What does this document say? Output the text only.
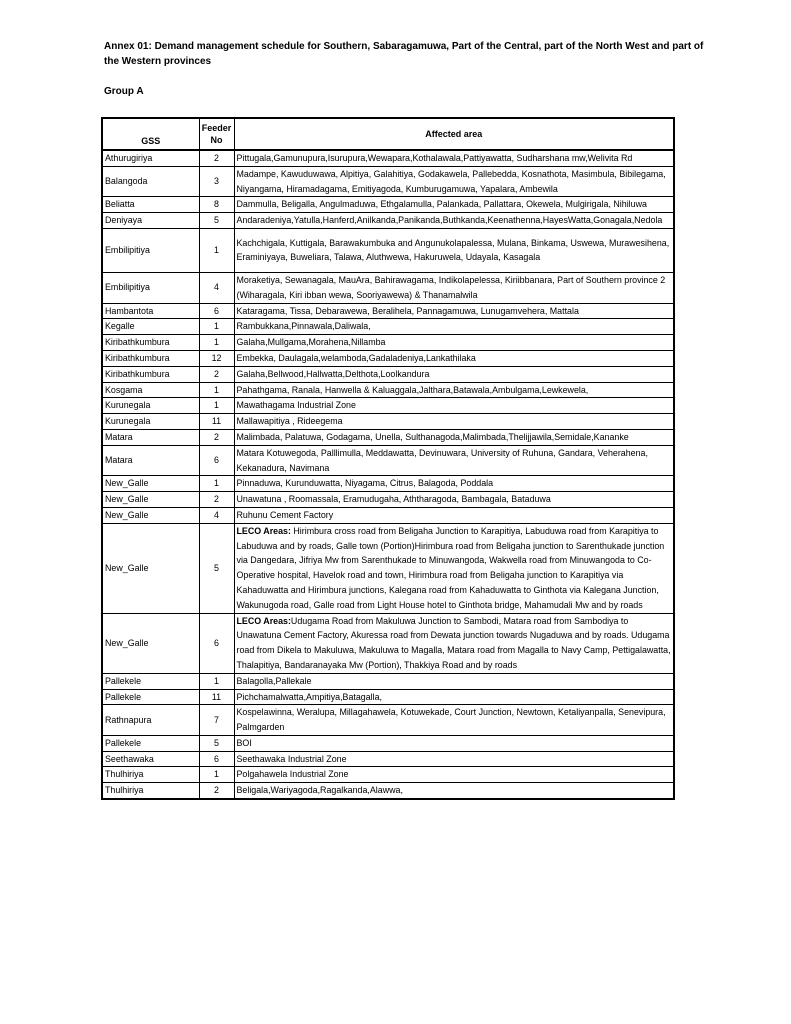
Annex 01: Demand management schedule for Southern, Sabaragamuwa, Part of the Central, part of the North West and part of the Western provinces
Group A
GSS	Feeder No	Affected area
Athurugiriya	2	Pittugala,Gamunupura,Isurupura,Wewapara,Kothalawala,Pattiyawatta, Sudharshana mw,Welivita Rd
Balangoda	3	Madampe, Kawuduwawa, Alpitiya, Galahitiya, Godakawela, Pallebedda, Kosnathota, Masimbula, Bibilegama, Niyangama, Hiramadagama, Emitiyagoda, Kumburugamuwa, Yapalara, Ambewila
Beliatta	8	Dammulla, Beligalla, Angulmaduwa, Ethgalamulla, Palankada, Pallattara, Okewela, Mulgirigala, Nihiluwa
Deniyaya	5	Andaradeniya,Yatulla,Hanferd,Anilkanda,Panikanda,Buthkanda,Keenathenna,HayesWatta,Gonagala,Nedola
Embilipitiya	1	Kachchigala, Kuttigala, Barawakumbuka and Angunukolapalessa, Mulana, Binkama, Uswewa, Murawesihena, Eraminiyaya, Buweliara, Talawa, Aluthwewa, Hakuruwela, Udayala, Kasagala
Embilipitiya	4	Moraketiya, Sewanagala, MauAra, Bahirawagama, Indikolapelessa, Kiriibbanara, Part of Southern province 2 (Wiharagala, Kiri ibban wewa, Sooriyawewa) & Thanamalwila
Hambantota	6	Kataragama, Tissa, Debarawewa, Beralihela, Pannagamuwa, Lunugamvehera, Mattala
Kegalle	1	Rambukkana,Pinnawala,Daliwala,
Kiribathkumbura	1	Galaha,Mullgama,Morahena,Nillamba
Kiribathkumbura	12	Embekka, Daulagala,welamboda,Gadaladeniya,Lankathilaka
Kiribathkumbura	2	Galaha,Bellwood,Hallwatta,Delthota,Loolkandura
Kosgama	1	Pahathgama, Ranala, Hanwella & Kaluaggala,Jalthara,Batawala,Ambulgama,Lewkewela,
Kurunegala	1	Mawathagama Industrial Zone
Kurunegala	11	Mallawapitiya , Rideegema
Matara	2	Malimbada, Palatuwa, Godagama, Unella, Sulthanagoda,Malimbada,Thelijjawila,Semidale,Kananke
Matara	6	Matara Kotuwegoda, Palllimulla, Meddawatta, Devinuwara, University of Ruhuna, Gandara, Veherahena, Kekanadura, Navimana
New_Galle	1	Pinnaduwa, Kurunduwatta, Niyagama, Citrus, Balagoda, Poddala
New_Galle	2	Unawatuna , Roomassala, Eramudugaha, Aththaragoda, Bambagala, Bataduwa
New_Galle	4	Ruhunu Cement Factory
New_Galle	5	LECO Areas: Hirimbura cross road from Beligaha Junction to Karapitiya, Labuduwa road from Karapitiya to Labuduwa and by roads, Galle town (Portion)Hirimbura road from Beligaha junction to Sarenthukade junction via Dangedara, Jifriya Mw from Sarenthukade to Minuwangoda, Wakwella road from Minuwangoda to Co-Operative hospital, Havelok road and town, Hirimbura road from Beligaha junction to Karapitiya via Kahaduwatta and Hirimbura junctions, Kalegana road from Kahaduwatta to Ginthota via Kalegana Junction, Wakunugoda road, Galle road from Light House hotel to Ginthota bridge, Mahamudali Mw and by roads
New_Galle	6	LECO Areas:Udugama Road from Makuluwa Junction to Sambodi, Matara road from Sambodiya to Unawatuna Cement Factory, Akuressa road from Dewata junction towards Nugaduwa and by roads. Udugama road from Dikela to Makuluwa, Makuluwa to Magalla, Matara road from Magalla to Navy Camp, Pettigalawatta, Thalapitiya, Bandaranayaka Mw (Portion), Thakkiya Road and by roads
Pallekele	1	Balagolla,Pallekale
Pallekele	11	Pichchamalwatta,Ampitiya,Batagalla,
Rathnapura	7	Kospelawinna, Weralupa, Millagahawela, Kotuwekade, Court Junction, Newtown, Ketaliyanpalla, Senevipura, Palmgarden
Pallekele	5	BOI
Seethawaka	6	Seethawaka Industrial Zone
Thulhiriya	1	Polgahawela Industrial Zone
Thulhiriya	2	Beligala,Wariyagoda,Ragalkanda,Alawwa,
